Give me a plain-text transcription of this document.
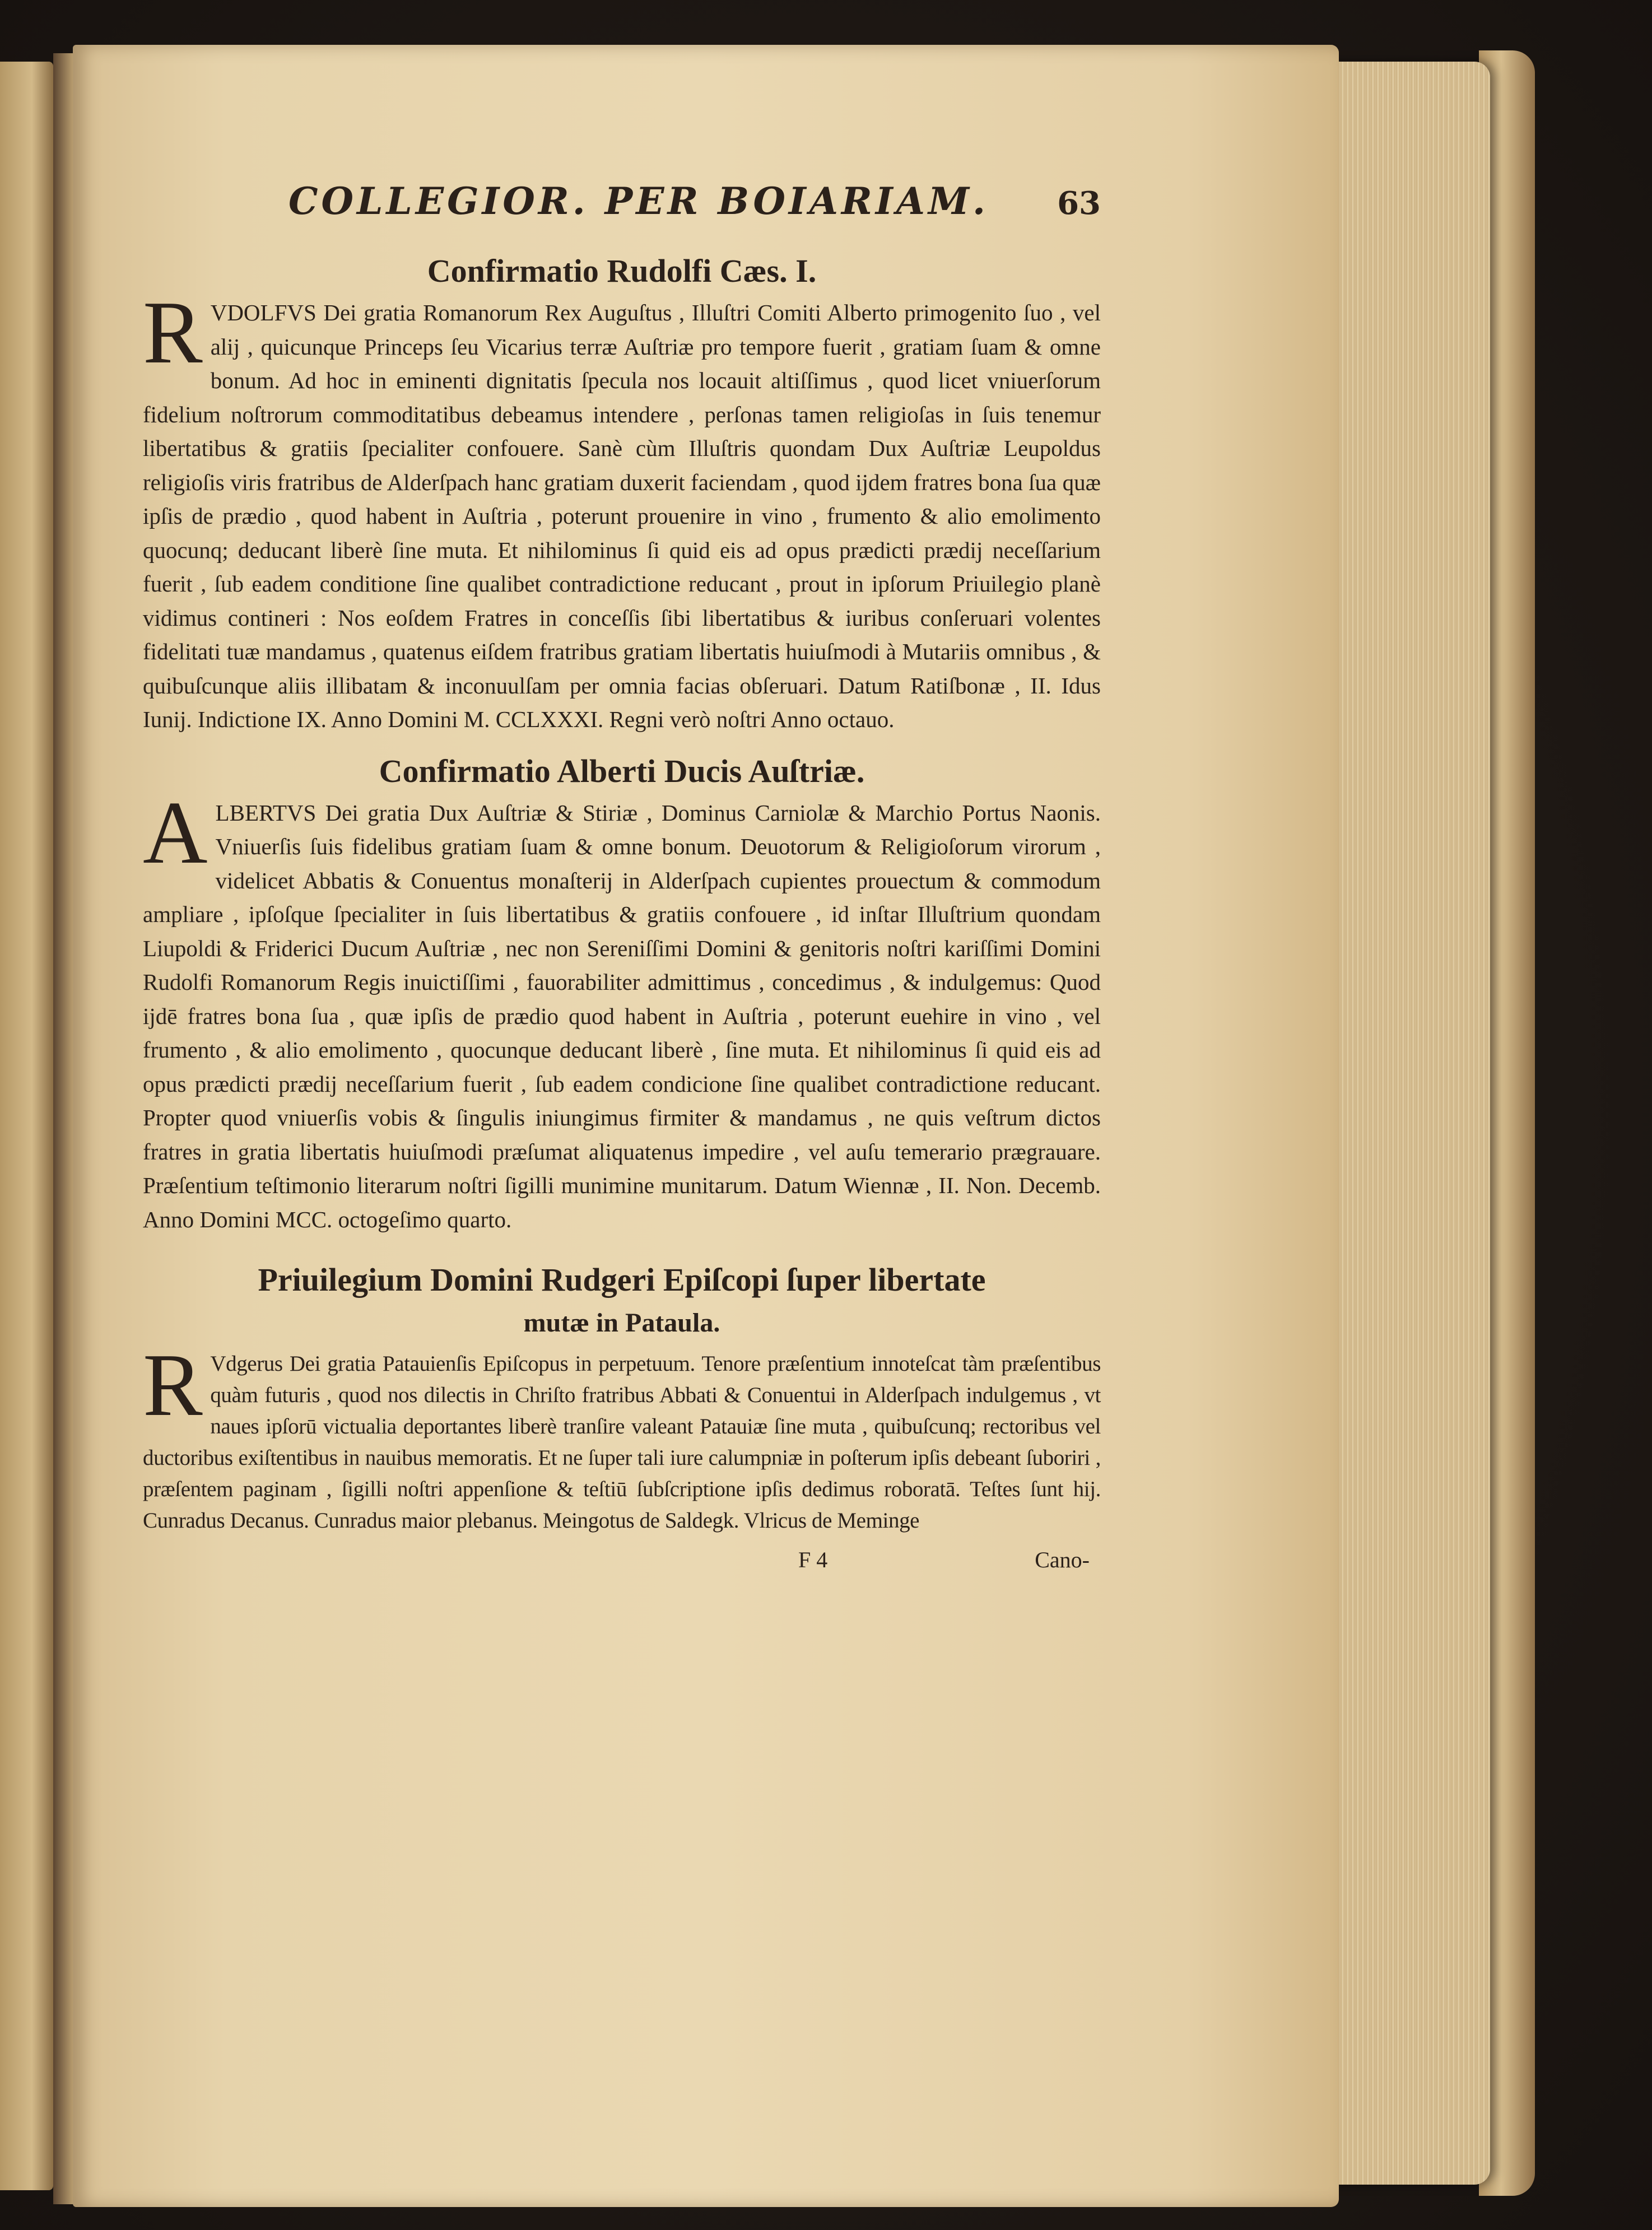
COLLEGIOR. PER BOIARIAM. 63
Confirmatio Rudolfi Cæs. I.

RVDOLFVS Dei gratia Romanorum Rex Auguſtus , Illuſtri Comiti Alberto primogenito ſuo , vel alij , quicunque Princeps ſeu Vicarius terræ Auſtriæ pro tempore fuerit , gratiam ſuam & omne bonum. Ad hoc in eminenti dignitatis ſpecula nos locauit altiſſimus , quod licet vniuerſorum fidelium noſtrorum commoditatibus debeamus intendere , perſonas tamen religioſas in ſuis tenemur libertatibus & gratiis ſpecialiter confouere. Sanè cùm Illuſtris quondam Dux Auſtriæ Leupoldus religioſis viris fratribus de Alderſpach hanc gratiam duxerit faciendam , quod ijdem fratres bona ſua quæ ipſis de prædio , quod habent in Auſtria , poterunt prouenire in vino , frumento & alio emolimento quocunq; deducant liberè ſine muta. Et nihilominus ſi quid eis ad opus prædicti prædij neceſſarium fuerit , ſub eadem conditione ſine qualibet contradictione reducant , prout in ipſorum Priuilegio planè vidimus contineri : Nos eoſdem Fratres in conceſſis ſibi libertatibus & iuribus conſeruari volentes fidelitati tuæ mandamus , quatenus eiſdem fratribus gratiam libertatis huiuſmodi à Mutariis omnibus , & quibuſcunque aliis illibatam & inconuulſam per omnia facias obſeruari. Datum Ratiſbonæ , II. Idus Iunij. Indictione IX. Anno Domini M. CCLXXXI. Regni verò noſtri Anno octauo.

Confirmatio Alberti Ducis Auſtriæ.

ALBERTVS Dei gratia Dux Auſtriæ & Stiriæ , Dominus Carniolæ & Marchio Portus Naonis. Vniuerſis ſuis fidelibus gratiam ſuam & omne bonum. Deuotorum & Religioſorum virorum , videlicet Abbatis & Conuentus monaſterij in Alderſpach cupientes prouectum & commodum ampliare , ipſoſque ſpecialiter in ſuis libertatibus & gratiis confouere , id inſtar Illuſtrium quondam Liupoldi & Friderici Ducum Auſtriæ , nec non Sereniſſimi Domini & genitoris noſtri kariſſimi Domini Rudolfi Romanorum Regis inuictiſſimi , fauorabiliter admittimus , concedimus , & indulgemus: Quod ijdē fratres bona ſua , quæ ipſis de prædio quod habent in Auſtria , poterunt euehire in vino , vel frumento , & alio emolimento , quocunque deducant liberè , ſine muta. Et nihilominus ſi quid eis ad opus prædicti prædij neceſſarium fuerit , ſub eadem condicione ſine qualibet contradictione reducant. Propter quod vniuerſis vobis & ſingulis iniungimus firmiter & mandamus , ne quis veſtrum dictos fratres in gratia libertatis huiuſmodi præſumat aliquatenus impedire , vel auſu temerario prægrauare. Præſentium teſtimonio literarum noſtri ſigilli munimine munitarum. Datum Wiennæ , II. Non. Decemb. Anno Domini MCC. octogeſimo quarto.

Priuilegium Domini Rudgeri Epiſcopi ſuper libertate
mutæ in Pataula.

R Vdgerus Dei gratia Patauienſis Epiſcopus in perpetuum. Tenore præſentium innoteſcat tàm præſentibus quàm futuris , quod nos dilectis in Chriſto fratribus Abbati & Conuentui in Alderſpach indulgemus , vt naues ipſorū victualia deportantes liberè tranſire valeant Patauiæ ſine muta , quibuſcunq; rectoribus vel ductoribus exiſtentibus in nauibus memoratis. Et ne ſuper tali iure calumpniæ in poſterum ipſis debeant ſuboriri , præſentem paginam , ſigilli noſtri appenſione & teſtiū ſubſcriptione ipſis dedimus roboratā. Teſtes ſunt hij. Cunradus Decanus. Cunradus maior plebanus. Meingotus de Saldegk. Vlricus de Meminge

F 4	Cano-
